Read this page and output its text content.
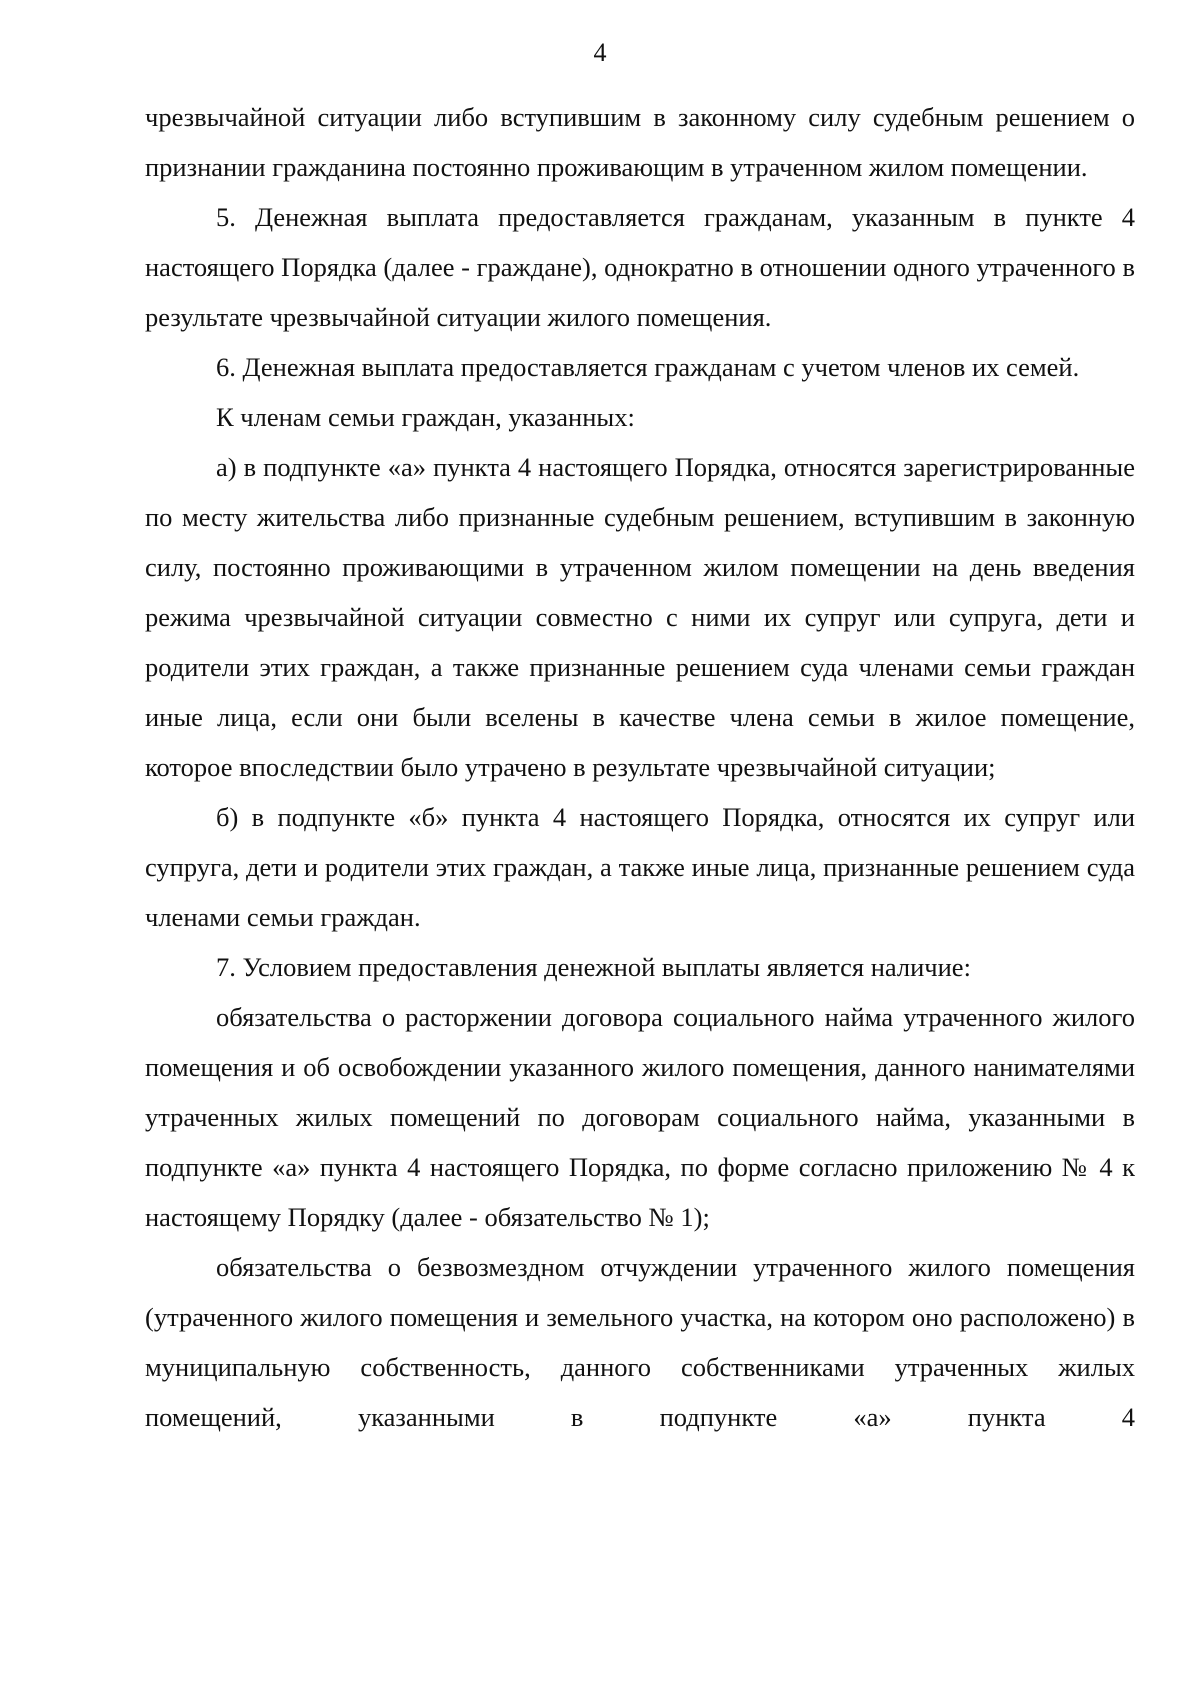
4

чрезвычайной ситуации либо вступившим в законному силу судебным решением о признании гражданина постоянно проживающим в утраченном жилом помещении.

5. Денежная выплата предоставляется гражданам, указанным в пункте 4 настоящего Порядка (далее - граждане), однократно в отношении одного утраченного в результате чрезвычайной ситуации жилого помещения.

6. Денежная выплата предоставляется гражданам с учетом членов их семей.

К членам семьи граждан, указанных:

а) в подпункте «а» пункта 4 настоящего Порядка, относятся зарегистрированные по месту жительства либо признанные судебным решением, вступившим в законную силу, постоянно проживающими в утраченном жилом помещении на день введения режима чрезвычайной ситуации совместно с ними их супруг или супруга, дети и родители этих граждан, а также признанные решением суда членами семьи граждан иные лица, если они были вселены в качестве члена семьи в жилое помещение, которое впоследствии было утрачено в результате чрезвычайной ситуации;

б) в подпункте «б» пункта 4 настоящего Порядка, относятся их супруг или супруга, дети и родители этих граждан, а также иные лица, признанные решением суда членами семьи граждан.

7. Условием предоставления денежной выплаты является наличие:

обязательства о расторжении договора социального найма утраченного жилого помещения и об освобождении указанного жилого помещения, данного нанимателями утраченных жилых помещений по договорам социального найма, указанными в подпункте «а» пункта 4 настоящего Порядка, по форме согласно приложению № 4 к настоящему Порядку (далее - обязательство № 1);

обязательства о безвозмездном отчуждении утраченного жилого помещения (утраченного жилого помещения и земельного участка, на котором оно расположено) в муниципальную собственность, данного собственниками утраченных жилых помещений, указанными в подпункте «а» пункта 4
